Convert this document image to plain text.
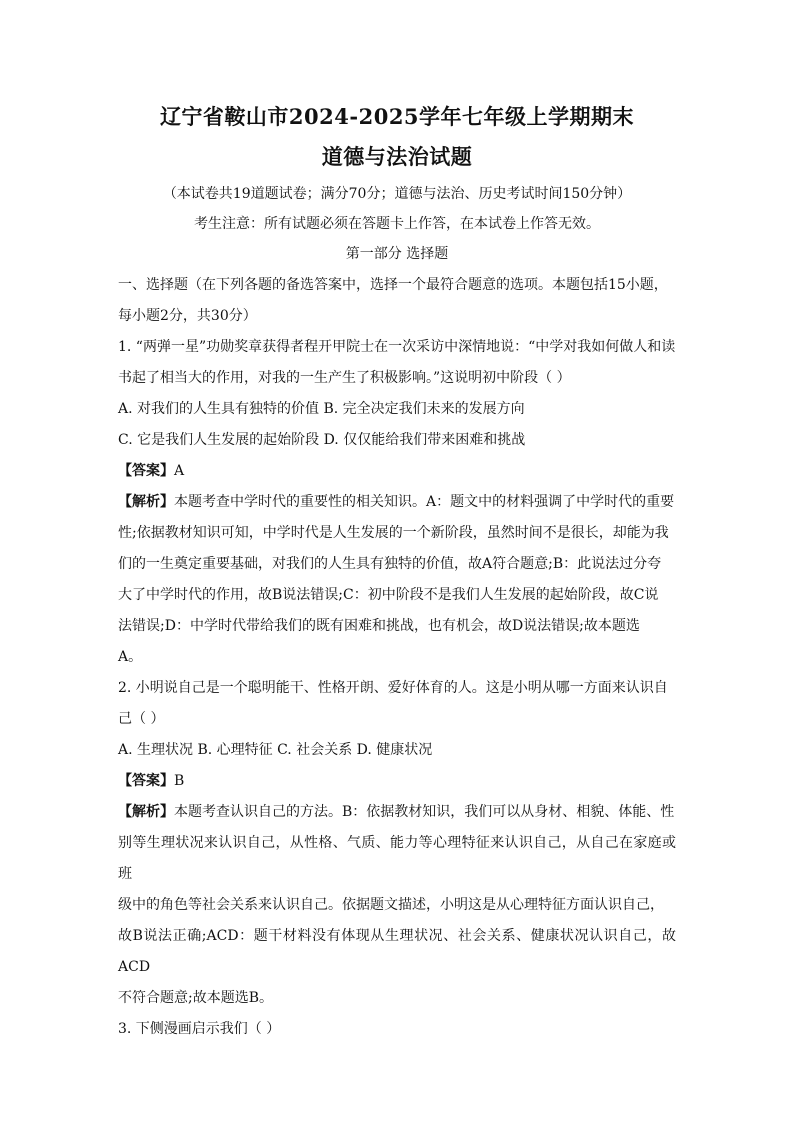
辽宁省鞍山市2024-2025学年七年级上学期期末
道德与法治试题

（本试卷共19道题试卷；满分70分；道德与法治、历史考试时间150分钟）

考生注意：所有试题必须在答题卡上作答，在本试卷上作答无效。

第一部分 选择题

一、选择题（在下列各题的备选答案中，选择一个最符合题意的选项。本题包括15小题，

每小题2分，共30分）

1. “两弹一星”功勋奖章获得者程开甲院士在一次采访中深情地说：“中学对我如何做人和读

书起了相当大的作用，对我的一生产生了积极影响。”这说明初中阶段（ ）

A. 对我们的人生具有独特的价值 B. 完全决定我们未来的发展方向

C. 它是我们人生发展的起始阶段 D. 仅仅能给我们带来困难和挑战

【答案】A

【解析】本题考查中学时代的重要性的相关知识。A：题文中的材料强调了中学时代的重要

性;依据教材知识可知，中学时代是人生发展的一个新阶段，虽然时间不是很长，却能为我

们的一生奠定重要基础，对我们的人生具有独特的价值，故A符合题意;B：此说法过分夸

大了中学时代的作用，故B说法错误;C：初中阶段不是我们人生发展的起始阶段，故C说

法错误;D：中学时代带给我们的既有困难和挑战，也有机会，故D说法错误;故本题选

A。

2. 小明说自己是一个聪明能干、性格开朗、爱好体育的人。这是小明从哪一方面来认识自

己（ ）

A. 生理状况 B. 心理特征 C. 社会关系 D. 健康状况

【答案】B

【解析】本题考查认识自己的方法。B：依据教材知识，我们可以从身材、相貌、体能、性

别等生理状况来认识自己，从性格、气质、能力等心理特征来认识自己，从自己在家庭或班

级中的角色等社会关系来认识自己。依据题文描述，小明这是从心理特征方面认识自己，

故B说法正确;ACD：题干材料没有体现从生理状况、社会关系、健康状况认识自己，故ACD

不符合题意;故本题选B。

3. 下侧漫画启示我们（ ）
